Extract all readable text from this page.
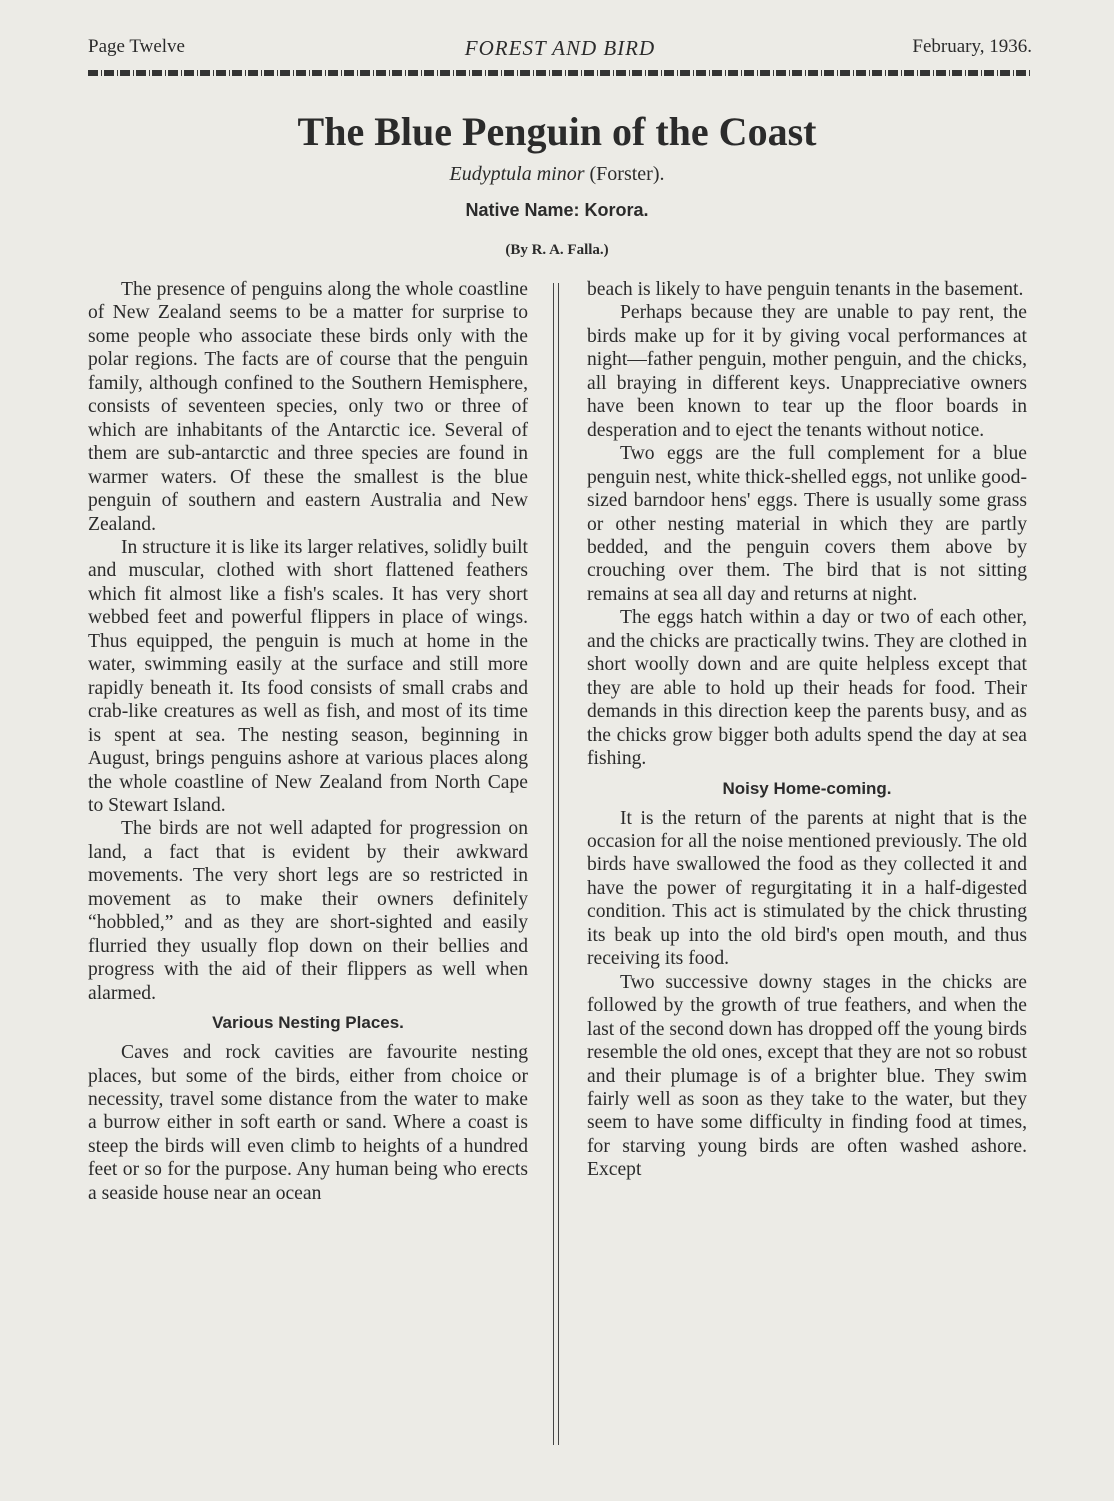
Page Twelve	FOREST AND BIRD	February, 1936.
The Blue Penguin of the Coast
Eudyptula minor (Forster).
Native Name: Korora.
(By R. A. Falla.)

The presence of penguins along the whole coastline of New Zealand seems to be a matter for surprise to some people who associate these birds only with the polar regions. The facts are of course that the penguin family, although confined to the Southern Hemisphere, consists of seventeen species, only two or three of which are inhabitants of the Antarctic ice. Several of them are sub-antarctic and three species are found in warmer waters. Of these the smallest is the blue penguin of southern and eastern Australia and New Zealand.

In structure it is like its larger relatives, solidly built and muscular, clothed with short flattened feathers which fit almost like a fish's scales. It has very short webbed feet and powerful flippers in place of wings. Thus equipped, the penguin is much at home in the water, swimming easily at the surface and still more rapidly beneath it. Its food consists of small crabs and crab-like creatures as well as fish, and most of its time is spent at sea. The nesting season, beginning in August, brings penguins ashore at various places along the whole coastline of New Zealand from North Cape to Stewart Island.

The birds are not well adapted for progression on land, a fact that is evident by their awkward movements. The very short legs are so restricted in movement as to make their owners definitely “hobbled,” and as they are short-sighted and easily flurried they usually flop down on their bellies and progress with the aid of their flippers as well when alarmed.

Various Nesting Places.

Caves and rock cavities are favourite nesting places, but some of the birds, either from choice or necessity, travel some distance from the water to make a burrow either in soft earth or sand. Where a coast is steep the birds will even climb to heights of a hundred feet or so for the purpose. Any human being who erects a seaside house near an ocean

beach is likely to have penguin tenants in the basement.

Perhaps because they are unable to pay rent, the birds make up for it by giving vocal performances at night—father penguin, mother penguin, and the chicks, all braying in different keys. Unappreciative owners have been known to tear up the floor boards in desperation and to eject the tenants without notice.

Two eggs are the full complement for a blue penguin nest, white thick-shelled eggs, not unlike good-sized barndoor hens' eggs. There is usually some grass or other nesting material in which they are partly bedded, and the penguin covers them above by crouching over them. The bird that is not sitting remains at sea all day and returns at night.

The eggs hatch within a day or two of each other, and the chicks are practically twins. They are clothed in short woolly down and are quite helpless except that they are able to hold up their heads for food. Their demands in this direction keep the parents busy, and as the chicks grow bigger both adults spend the day at sea fishing.

Noisy Home-coming.

It is the return of the parents at night that is the occasion for all the noise mentioned previously. The old birds have swallowed the food as they collected it and have the power of regurgitating it in a half-digested condition. This act is stimulated by the chick thrusting its beak up into the old bird's open mouth, and thus receiving its food.

Two successive downy stages in the chicks are followed by the growth of true feathers, and when the last of the second down has dropped off the young birds resemble the old ones, except that they are not so robust and their plumage is of a brighter blue. They swim fairly well as soon as they take to the water, but they seem to have some difficulty in finding food at times, for starving young birds are often washed ashore. Except
